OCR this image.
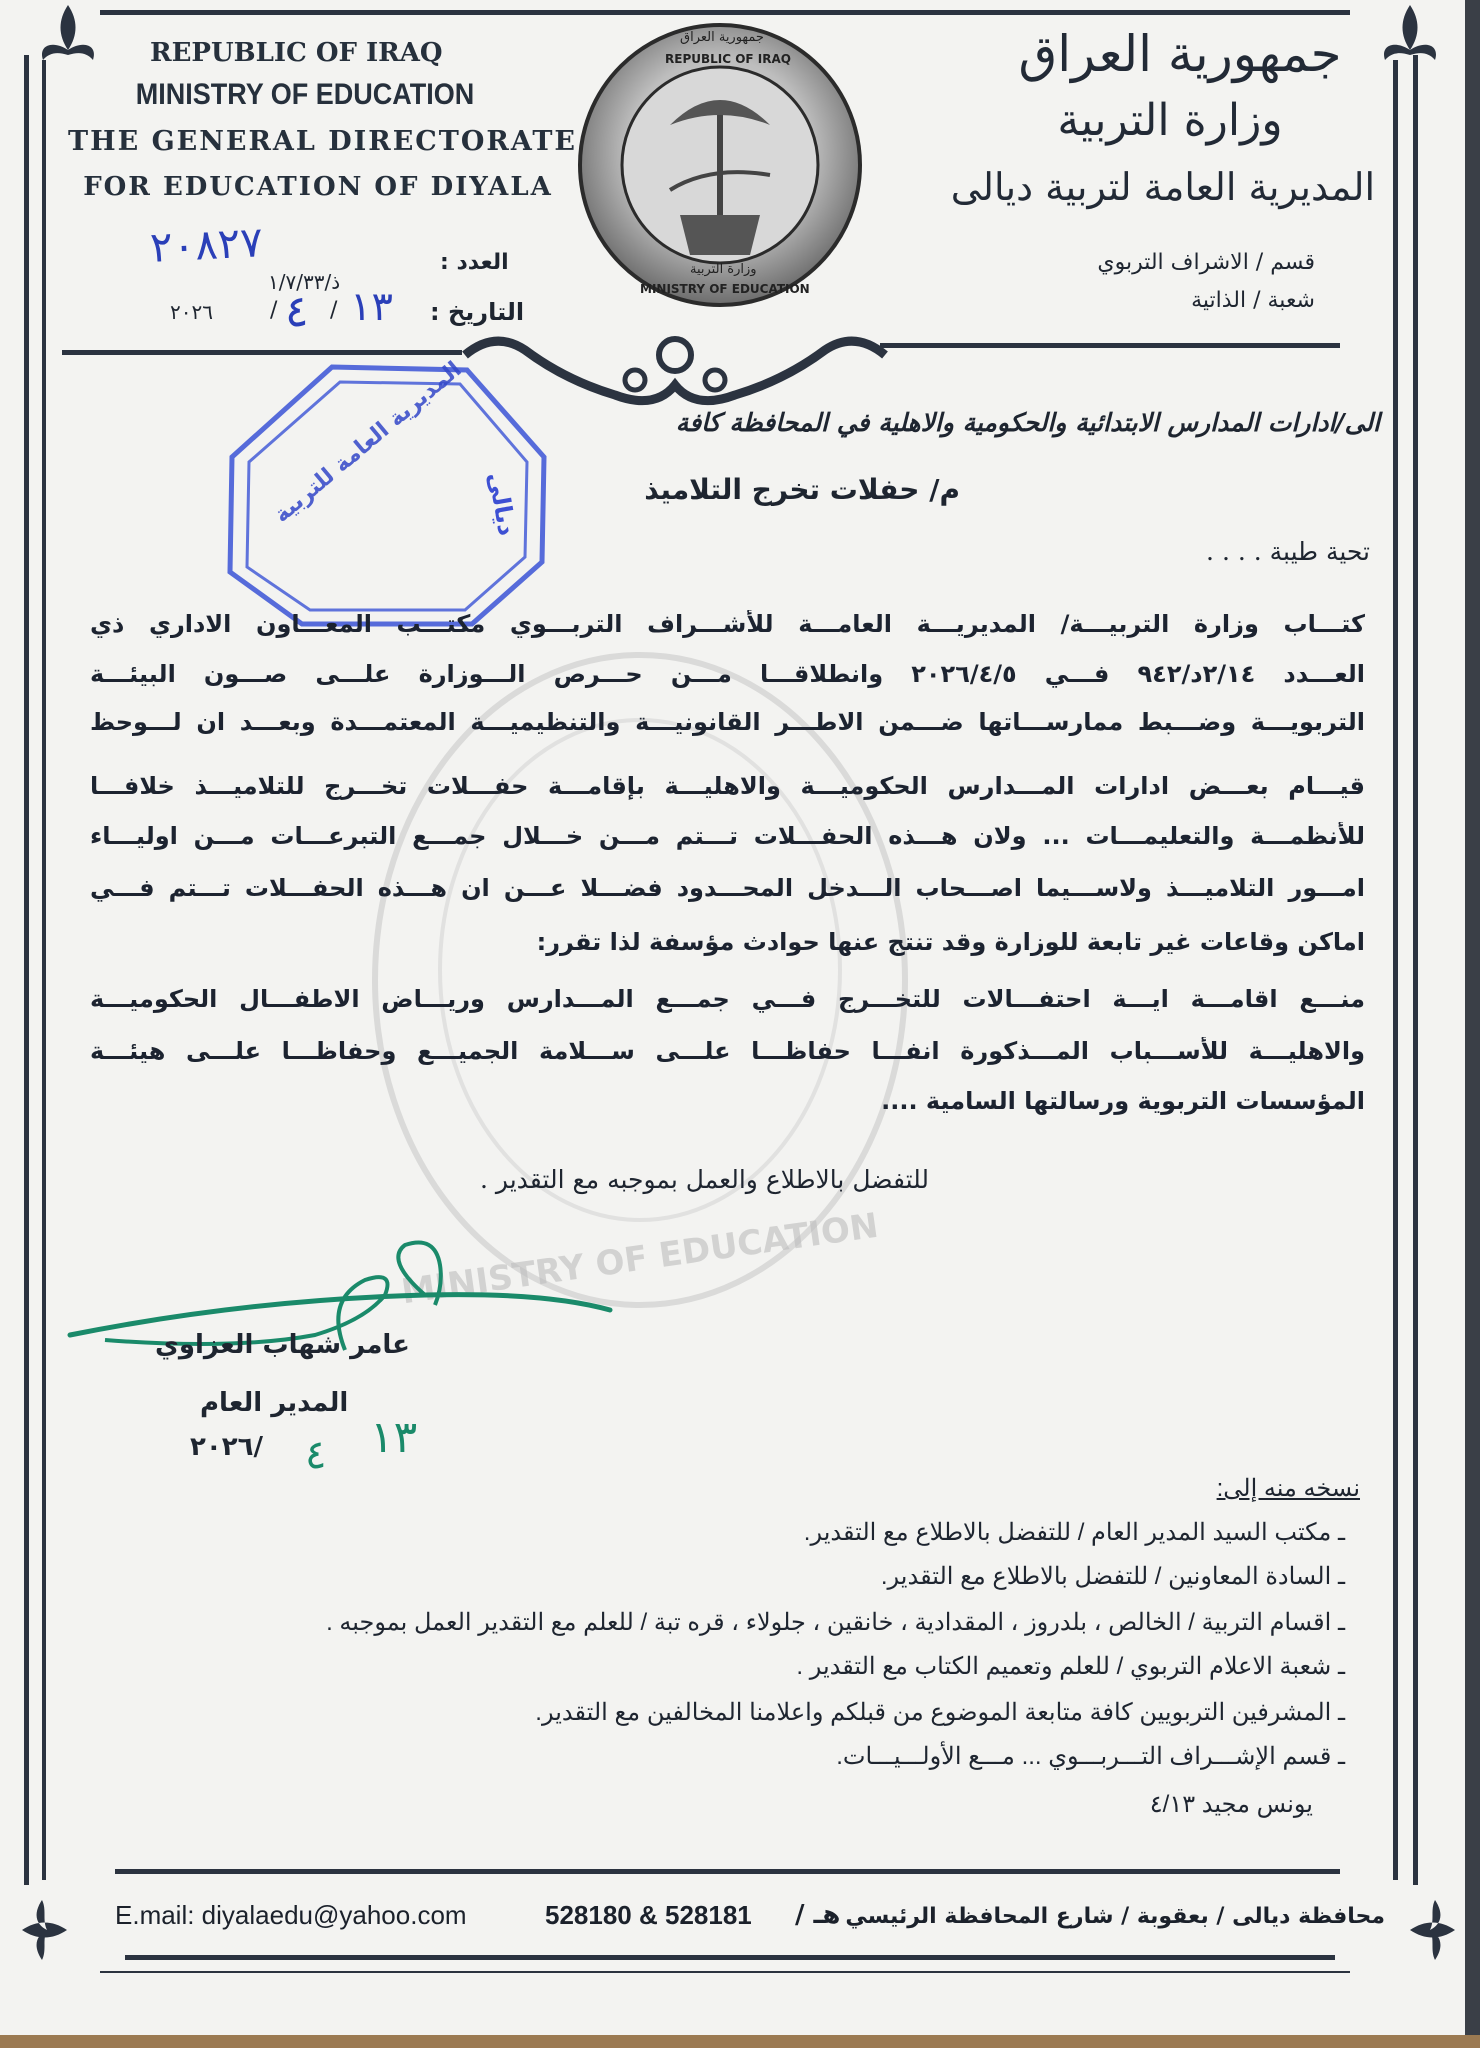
REPUBLIC OF IRAQ
MINISTRY OF EDUCATION
THE GENERAL DIRECTORATE
FOR EDUCATION OF DIYALA
٢٠٨٢٧	العدد :
ذ/١/٧/٣٣
التاريخ :
١٣
/
٤
/
٢٠٢٦
جمهورية العراق
REPUBLIC OF IRAQ
وزارة التربية
MINISTRY OF EDUCATION
جمهورية العراق
وزارة التربية
المديرية العامة لتربية ديالى
قسم / الاشراف التربوي
شعبة / الذاتية
المديرية العامة للتربية ديالى
MINISTRY OF EDUCATION
الى/ادارات المدارس الابتدائية والحكومية والاهلية في المحافظة كافة
م/ حفلات تخرج التلاميذ
تحية طيبة . . . .
كتـــاب وزارة التربيـــة/ المديريـــة العامـــة للأشـــراف التربـــوي مكتـــب المعـــاون الاداري ذي
العـــدد ٢/١٤د/٩٤٢ فـــي ٢٠٢٦/٤/٥ وانطلاقـــا مـــن حـــرص الـــوزارة علـــى صـــون البيئـــة
التربويـــة وضـــبط ممارســـاتها ضـــمن الاطـــر القانونيـــة والتنظيميـــة المعتمـــدة وبعـــد ان لـــوحظ
قيـــام بعـــض ادارات المـــدارس الحكوميـــة والاهليـــة بإقامـــة حفـــلات تخـــرج للتلاميـــذ خلافـــا
للأنظمـــة والتعليمـــات ... ولان هـــذه الحفـــلات تـــتم مـــن خـــلال جمـــع التبرعـــات مـــن اوليـــاء
امـــور التلاميـــذ ولاســـيما اصـــحاب الـــدخل المحـــدود فضـــلا عـــن ان هـــذه الحفـــلات تـــتم فـــي
اماكن وقاعات غير تابعة للوزارة وقد تنتج عنها حوادث مؤسفة لذا تقرر:
منـــع اقامـــة ايـــة احتفـــالات للتخـــرج فـــي جمـــع المـــدارس وريـــاض الاطفـــال الحكوميـــة
والاهليـــة للأســـباب المـــذكورة انفـــا حفاظـــا علـــى ســـلامة الجميـــع وحفاظـــا علـــى هيئـــة
المؤسسات التربوية ورسالتها السامية ....
للتفضل بالاطلاع والعمل بموجبه مع التقدير .
عامر شهاب العزاوي
المدير العام
/٢٠٢٦ ٤ ١٣
نسخه منه إلى:
ـ مكتب السيد المدير العام / للتفضل بالاطلاع مع التقدير.
ـ السادة المعاونين / للتفضل بالاطلاع مع التقدير.
ـ اقسام التربية / الخالص ، بلدروز ، المقدادية ، خانقين ، جلولاء ، قره تبة / للعلم مع التقدير العمل بموجبه .
ـ شعبة الاعلام التربوي / للعلم وتعميم الكتاب مع التقدير .
ـ المشرفين التربويين كافة متابعة الموضوع من قبلكم واعلامنا المخالفين مع التقدير.
ـ قسم الإشـــراف التـــربـــوي ... مـــع الأولـــيـــات.
يونس مجيد ٤/١٣
E.mail: diyalaedu@yahoo.com	528180 & 528181 هـ / محافظة ديالى / بعقوبة / شارع المحافظة الرئيسي
